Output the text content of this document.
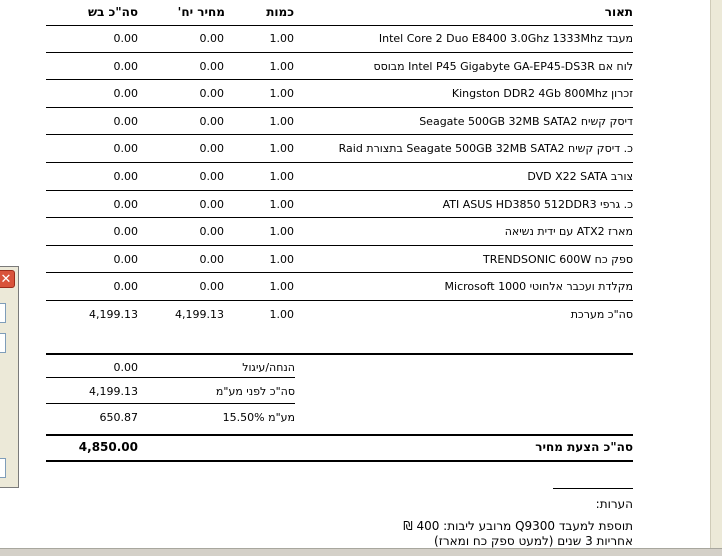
✕
תאור
כמות
מחיר יח'
סה"כ בש
מעבד Intel Core 2 Duo E8400 3.0Ghz 1333Mhz
1.00
0.00
0.00
לוח אם Intel P45 Gigabyte GA-EP45-DS3R מבוסס
1.00
0.00
0.00
זכרון Kingston DDR2 4Gb 800Mhz
1.00
0.00
0.00
דיסק קשיח Seagate 500GB 32MB SATA2
1.00
0.00
0.00
כ. דיסק קשיח Seagate 500GB 32MB SATA2 בתצורת Raid
1.00
0.00
0.00
צורב DVD X22 SATA
1.00
0.00
0.00
כ. גרפי ATI ASUS HD3850 512DDR3
1.00
0.00
0.00
מארז ATX2 עם ידית נשיאה
1.00
0.00
0.00
ספק כח TRENDSONIC 600W
1.00
0.00
0.00
מקלדת ועכבר אלחוטי Microsoft 1000
1.00
0.00
0.00
סה"כ מערכת
1.00
4,199.13
4,199.13
הנחה/עיגול
0.00
סה"כ לפני מע"מ
4,199.13
מע"מ 15.50%
650.87
סה"כ הצעת מחיר
4,850.00
הערות:
תוספת למעבד Q9300 מרובע ליבות: 400 ₪
אחריות 3 שנים (למעט ספק כח ומארז)
